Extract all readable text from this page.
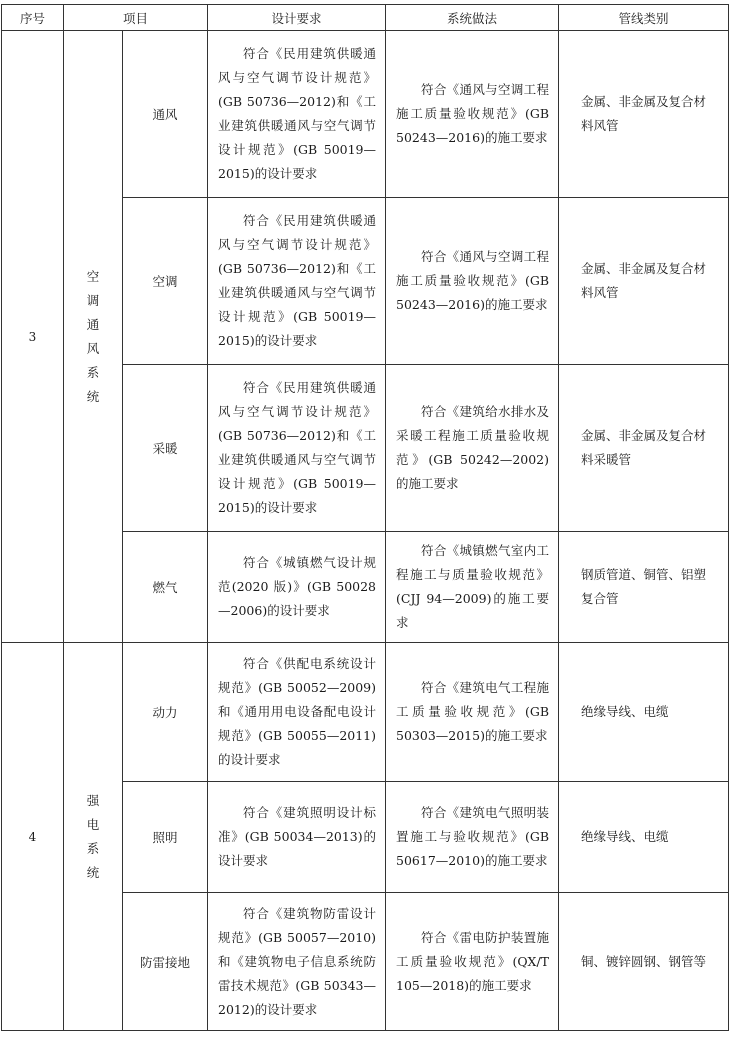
序号	项目		设计要求	系统做法	管线类别
3	空调通风系统	通风	符合《民用建筑供暖通风与空气调节设计规范》(GB 50736—2012)和《工业建筑供暖通风与空气调节设计规范》(GB 50019—2015)的设计要求	符合《通风与空调工程施工质量验收规范》(GB 50243—2016)的施工要求	金属、非金属及复合材料风管
		空调	符合《民用建筑供暖通风与空气调节设计规范》(GB 50736—2012)和《工业建筑供暖通风与空气调节设计规范》(GB 50019—2015)的设计要求	符合《通风与空调工程施工质量验收规范》(GB 50243—2016)的施工要求	金属、非金属及复合材料风管
		采暖	符合《民用建筑供暖通风与空气调节设计规范》(GB 50736—2012)和《工业建筑供暖通风与空气调节设计规范》(GB 50019—2015)的设计要求	符合《建筑给水排水及采暖工程施工质量验收规范》(GB 50242—2002)的施工要求	金属、非金属及复合材料采暖管
		燃气	符合《城镇燃气设计规范(2020 版)》(GB 50028—2006)的设计要求	符合《城镇燃气室内工程施工与质量验收规范》(CJJ 94—2009)的施工要求	钢质管道、铜管、铝塑复合管
4	强电系统	动力	符合《供配电系统设计规范》(GB 50052—2009)和《通用用电设备配电设计规范》(GB 50055—2011)的设计要求	符合《建筑电气工程施工质量验收规范》(GB 50303—2015)的施工要求	绝缘导线、电缆
		照明	符合《建筑照明设计标准》(GB 50034—2013)的设计要求	符合《建筑电气照明装置施工与验收规范》(GB 50617—2010)的施工要求	绝缘导线、电缆
		防雷接地	符合《建筑物防雷设计规范》(GB 50057—2010)和《建筑物电子信息系统防雷技术规范》(GB 50343—2012)的设计要求	符合《雷电防护装置施工质量验收规范》(QX/T 105—2018)的施工要求	铜、镀锌圆钢、钢管等
